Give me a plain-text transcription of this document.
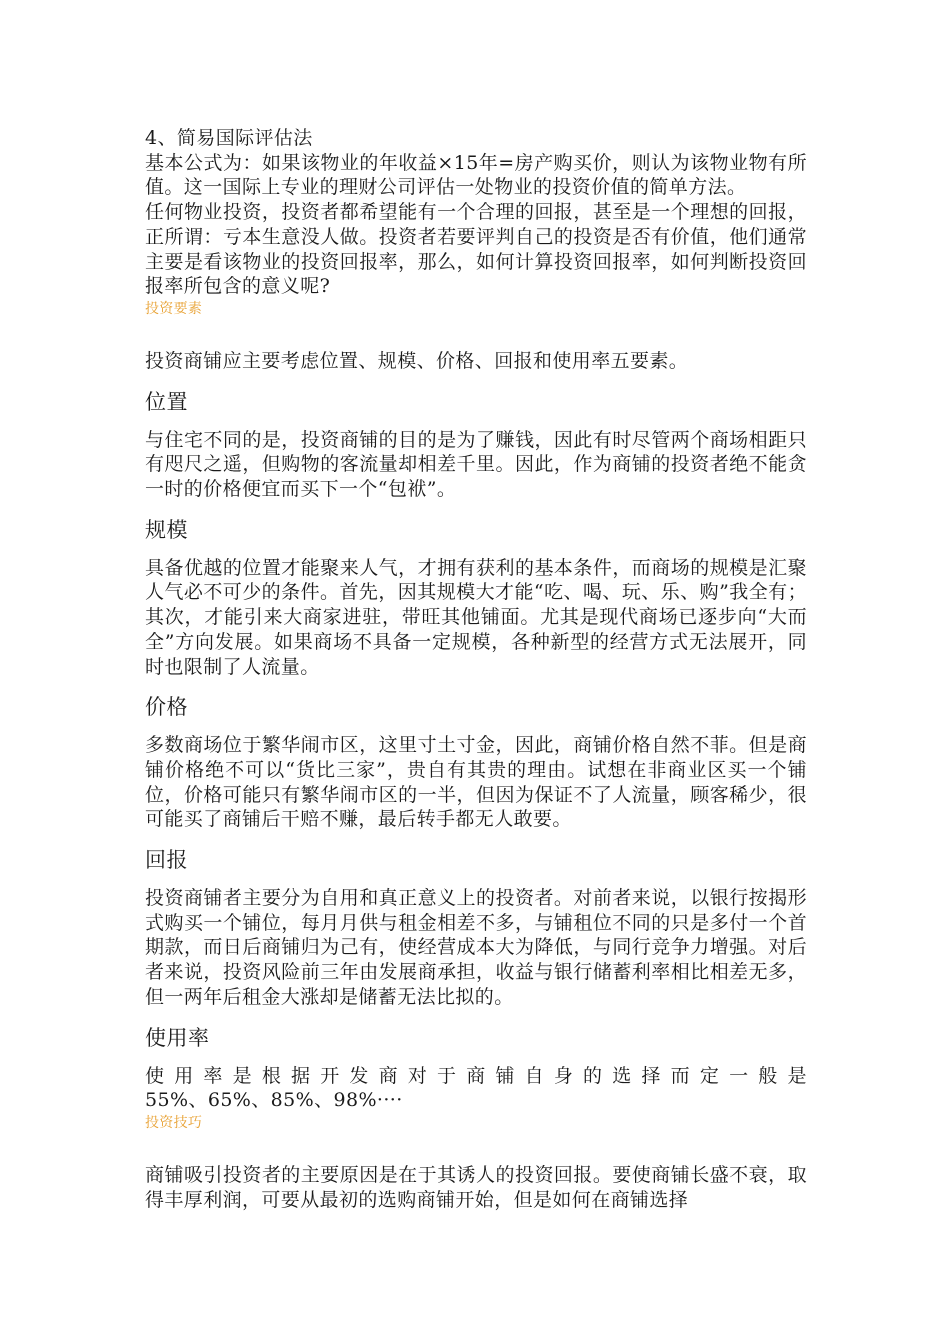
4、简易国际评估法

基本公式为：如果该物业的年收益×15年=房产购买价，则认为该物业物有所值。这一国际上专业的理财公司评估一处物业的投资价值的简单方法。

任何物业投资，投资者都希望能有一个合理的回报，甚至是一个理想的回报，正所谓：亏本生意没人做。投资者若要评判自己的投资是否有价值，他们通常主要是看该物业的投资回报率，那么，如何计算投资回报率，如何判断投资回报率所包含的意义呢?

投资要素

投资商铺应主要考虑位置、规模、价格、回报和使用率五要素。

位置

与住宅不同的是，投资商铺的目的是为了赚钱，因此有时尽管两个商场相距只有咫尺之遥，但购物的客流量却相差千里。因此，作为商铺的投资者绝不能贪一时的价格便宜而买下一个“包袱”。

规模

具备优越的位置才能聚来人气，才拥有获利的基本条件，而商场的规模是汇聚人气必不可少的条件。首先，因其规模大才能“吃、喝、玩、乐、购”我全有；其次，才能引来大商家进驻，带旺其他铺面。尤其是现代商场已逐步向“大而全”方向发展。如果商场不具备一定规模，各种新型的经营方式无法展开，同时也限制了人流量。

价格

多数商场位于繁华闹市区，这里寸土寸金，因此，商铺价格自然不菲。但是商铺价格绝不可以“货比三家”，贵自有其贵的理由。试想在非商业区买一个铺位，价格可能只有繁华闹市区的一半，但因为保证不了人流量，顾客稀少，很可能买了商铺后干赔不赚，最后转手都无人敢要。

回报

投资商铺者主要分为自用和真正意义上的投资者。对前者来说，以银行按揭形式购买一个铺位，每月月供与租金相差不多，与铺租位不同的只是多付一个首期款，而日后商铺归为己有，使经营成本大为降低，与同行竞争力增强。对后者来说，投资风险前三年由发展商承担，收益与银行储蓄利率相比相差无多，但一两年后租金大涨却是储蓄无法比拟的。

使用率
使 用 率 是 根 据 开 发 商 对 于 商 铺 自 身 的 选 择 而 定 一 般 是

55%、65%、85%、98%····

投资技巧

商铺吸引投资者的主要原因是在于其诱人的投资回报。要使商铺长盛不衰，取得丰厚利润，可要从最初的选购商铺开始，但是如何在商铺选择
